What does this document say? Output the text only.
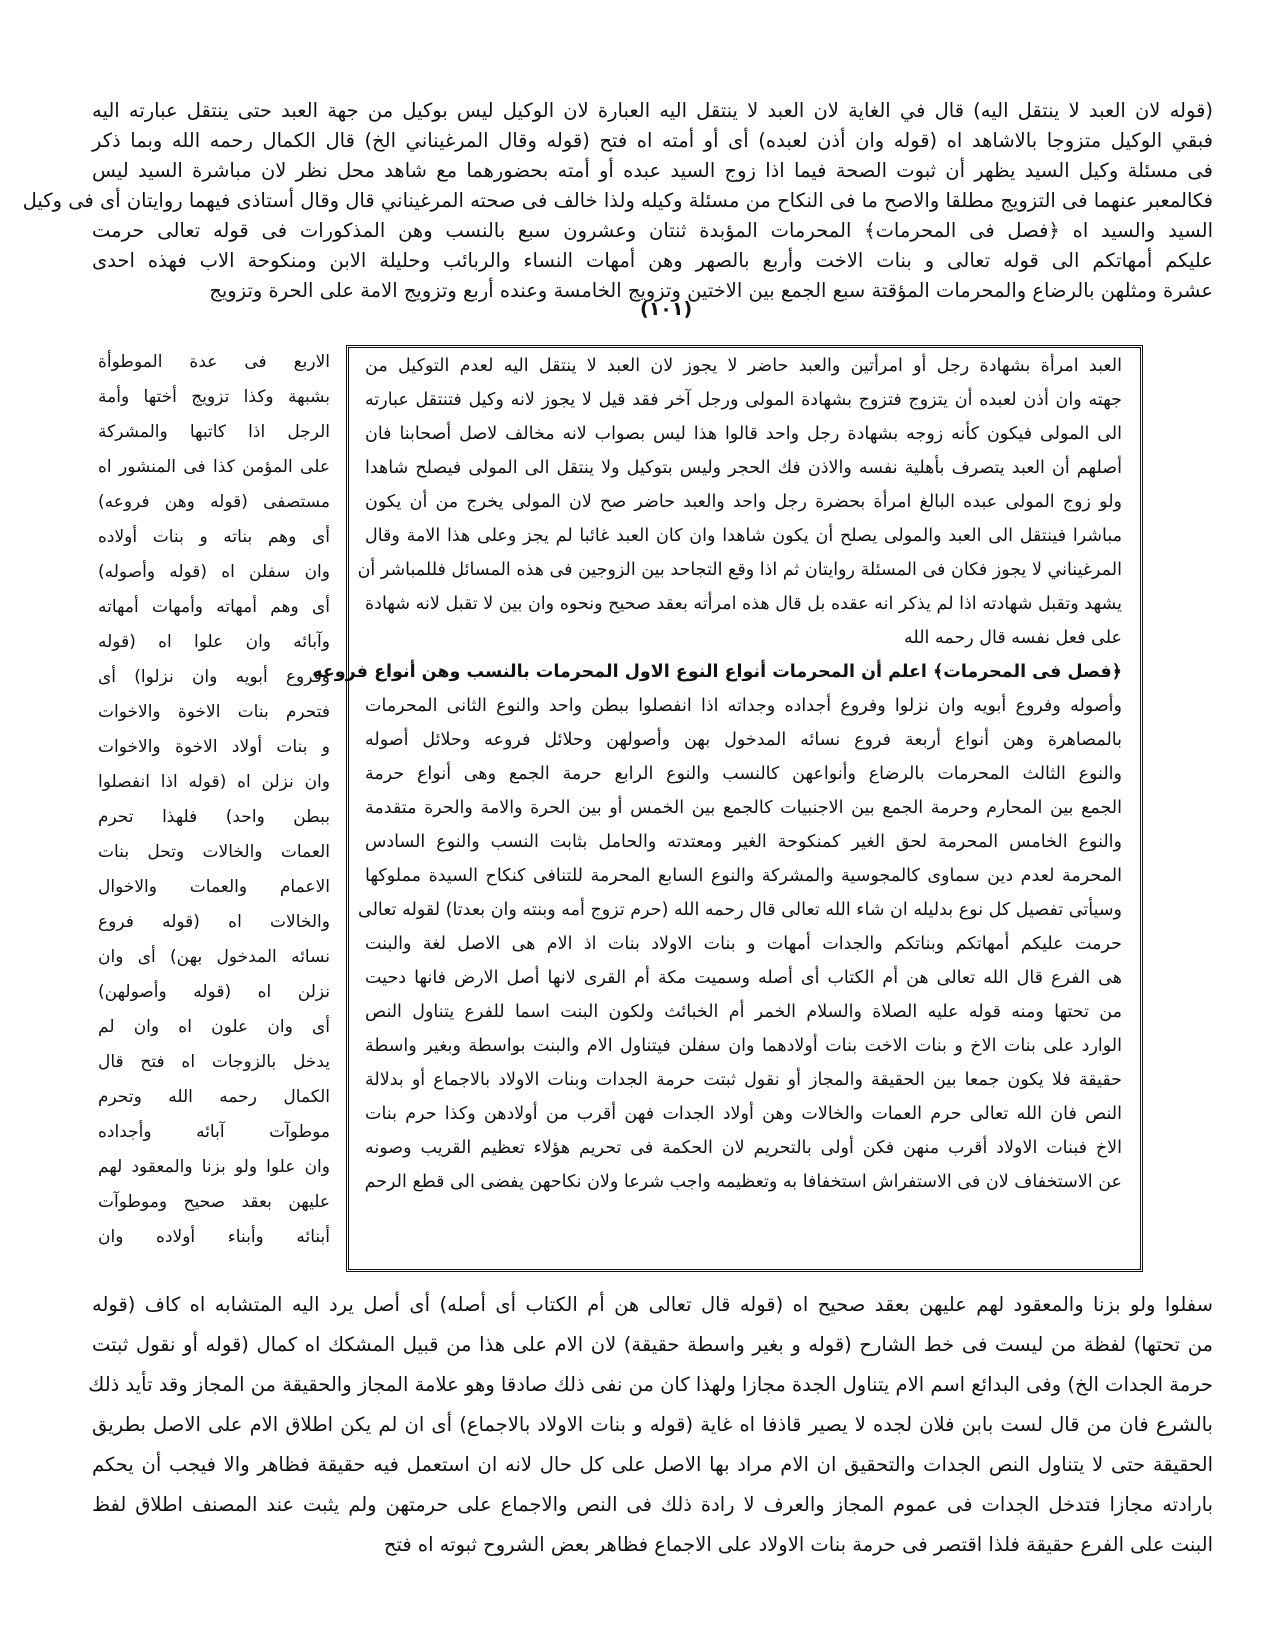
(قوله لان العبد لا ينتقل اليه) قال في الغاية لان العبد لا ينتقل اليه العبارة لان الوكيل ليس بوكيل من جهة العبد حتى ينتقل عبارته اليه
فبقي الوكيل متزوجا بالاشاهد اه (قوله وان أذن لعبده) أى أو أمته اه فتح (قوله وقال المرغيناني الخ) قال الكمال رحمه الله وبما ذكر
فى مسئلة وكيل السيد يظهر أن ثبوت الصحة فيما اذا زوج السيد عبده أو أمته بحضورهما مع شاهد محل نظر لان مباشرة السيد ليس
فكالمعبر عنهما فى التزويج مطلقا والاصح ما فى النكاح من مسئلة وكيله ولذا خالف فى صحته المرغيناني قال وقال أستاذى فيهما روايتان أى فى وكيل
السيد والسيد اه ﴿فصل فى المحرمات﴾ المحرمات المؤبدة ثنتان وعشرون سبع بالنسب وهن المذكورات فى قوله تعالى حرمت
عليكم أمهاتكم الى قوله تعالى و بنات الاخت وأربع بالصهر وهن أمهات النساء والربائب وحليلة الابن ومنكوحة الاب فهذه احدى
عشرة ومثلهن بالرضاع والمحرمات المؤقتة سبع الجمع بين الاختين وتزويج الخامسة وعنده أربع وتزويج الامة على الحرة وتزويج
(١٠١)
العبد امرأة بشهادة رجل أو امرأتين والعبد حاضر لا يجوز لان العبد لا ينتقل اليه لعدم التوكيل من
جهته وان أذن لعبده أن يتزوج فتزوج بشهادة المولى ورجل آخر فقد قيل لا يجوز لانه وكيل فتنتقل عبارته
الى المولى فيكون كأنه زوجه بشهادة رجل واحد قالوا هذا ليس بصواب لانه مخالف لاصل أصحابنا فان
أصلهم أن العبد يتصرف بأهلية نفسه والاذن فك الحجر وليس بتوكيل ولا ينتقل الى المولى فيصلح شاهدا
ولو زوج المولى عبده البالغ امرأة بحضرة رجل واحد والعبد حاضر صح لان المولى يخرج من أن يكون
مباشرا فينتقل الى العبد والمولى يصلح أن يكون شاهدا وان كان العبد غائبا لم يجز وعلى هذا الامة وقال
المرغيناني لا يجوز فكان فى المسئلة روايتان ثم اذا وقع التجاحد بين الزوجين فى هذه المسائل فللمباشر أن
يشهد وتقبل شهادته اذا لم يذكر انه عقده بل قال هذه امرأته بعقد صحيح ونحوه وان بين لا تقبل لانه شهادة
على فعل نفسه قال رحمه الله
﴿فصل فى المحرمات﴾ اعلم أن المحرمات أنواع النوع الاول المحرمات بالنسب وهن أنواع فروعه
وأصوله وفروع أبويه وان نزلوا وفروع أجداده وجداته اذا انفصلوا ببطن واحد والنوع الثانى المحرمات
بالمصاهرة وهن أنواع أربعة فروع نسائه المدخول بهن وأصولهن وحلائل فروعه وحلائل أصوله
والنوع الثالث المحرمات بالرضاع وأنواعهن كالنسب والنوع الرابع حرمة الجمع وهى أنواع حرمة
الجمع بين المحارم وحرمة الجمع بين الاجنبيات كالجمع بين الخمس أو بين الحرة والامة والحرة متقدمة
والنوع الخامس المحرمة لحق الغير كمنكوحة الغير ومعتدته والحامل بثابت النسب والنوع السادس
المحرمة لعدم دين سماوى كالمجوسية والمشركة والنوع السابع المحرمة للتنافى كنكاح السيدة مملوكها
وسيأتى تفصيل كل نوع بدليله ان شاء الله تعالى قال رحمه الله (حرم تزوج أمه وبنته وان بعدتا) لقوله تعالى
حرمت عليكم أمهاتكم وبناتكم والجدات أمهات و بنات الاولاد بنات اذ الام هى الاصل لغة والبنت
هى الفرع قال الله تعالى هن أم الكتاب أى أصله وسميت مكة أم القرى لانها أصل الارض فانها دحيت
من تحتها ومنه قوله عليه الصلاة والسلام الخمر أم الخبائث ولكون البنت اسما للفرع يتناول النص
الوارد على بنات الاخ و بنات الاخت بنات أولادهما وان سفلن فيتناول الام والبنت بواسطة وبغير واسطة
حقيقة فلا يكون جمعا بين الحقيقة والمجاز أو نقول ثبتت حرمة الجدات وبنات الاولاد بالاجماع أو بدلالة
النص فان الله تعالى حرم العمات والخالات وهن أولاد الجدات فهن أقرب من أولادهن وكذا حرم بنات
الاخ فبنات الاولاد أقرب منهن فكن أولى بالتحريم لان الحكمة فى تحريم هؤلاء تعظيم القريب وصونه
عن الاستخفاف لان فى الاستفراش استخفافا به وتعظيمه واجب شرعا ولان نكاحهن يفضى الى قطع الرحم
الاربع فى عدة الموطوأة
بشبهة وكذا تزويج أختها وأمة
الرجل اذا كاتبها والمشركة
على المؤمن كذا فى المنشور اه
مستصفى (قوله وهن فروعه)
أى وهم بناته و بنات أولاده
وان سفلن اه (قوله وأصوله)
أى وهم أمهاته وأمهات أمهاته
وآبائه وان علوا اه (قوله
وفروع أبويه وان نزلوا) أى
فتحرم بنات الاخوة والاخوات
و بنات أولاد الاخوة والاخوات
وان نزلن اه (قوله اذا انفصلوا
ببطن واحد) فلهذا تحرم
العمات والخالات وتحل بنات
الاعمام والعمات والاخوال
والخالات اه (قوله فروع
نسائه المدخول بهن) أى وان
نزلن اه (قوله وأصولهن)
أى وان علون اه وان لم
يدخل بالزوجات اه فتح قال
الكمال رحمه الله وتحرم
موطوآت آبائه وأجداده
وان علوا ولو بزنا والمعقود لهم
عليهن بعقد صحيح وموطوآت
أبنائه وأبناء أولاده وان
سفلوا ولو بزنا والمعقود لهم عليهن بعقد صحيح اه (قوله قال تعالى هن أم الكتاب أى أصله) أى أصل يرد اليه المتشابه اه كاف (قوله
من تحتها) لفظة من ليست فى خط الشارح (قوله و بغير واسطة حقيقة) لان الام على هذا من قبيل المشكك اه كمال (قوله أو نقول ثبتت
حرمة الجدات الخ) وفى البدائع اسم الام يتناول الجدة مجازا ولهذا كان من نفى ذلك صادقا وهو علامة المجاز والحقيقة من المجاز وقد تأيد ذلك
بالشرع فان من قال لست بابن فلان لجده لا يصير قاذفا اه غاية (قوله و بنات الاولاد بالاجماع) أى ان لم يكن اطلاق الام على الاصل بطريق
الحقيقة حتى لا يتناول النص الجدات والتحقيق ان الام مراد بها الاصل على كل حال لانه ان استعمل فيه حقيقة فظاهر والا فيجب أن يحكم
بارادته مجازا فتدخل الجدات فى عموم المجاز والعرف لا رادة ذلك فى النص والاجماع على حرمتهن ولم يثبت عند المصنف اطلاق لفظ
البنت على الفرع حقيقة فلذا اقتصر فى حرمة بنات الاولاد على الاجماع فظاهر بعض الشروح ثبوته اه فتح
